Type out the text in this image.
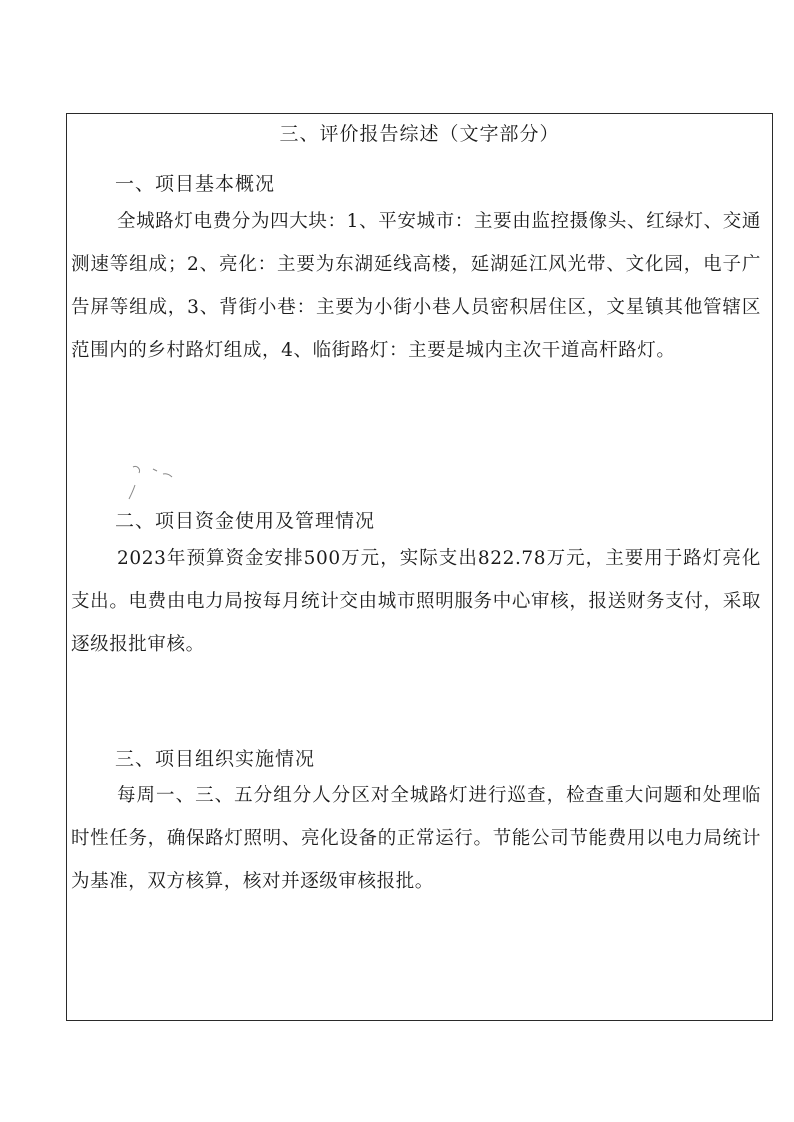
三、评价报告综述（文字部分）
一、项目基本概况

全城路灯电费分为四大块：1、平安城市：主要由监控摄像头、红绿灯、交通测速等组成；2、亮化：主要为东湖延线高楼，延湖延江风光带、文化园，电子广告屏等组成，3、背街小巷：主要为小街小巷人员密积居住区，文星镇其他管辖区范围内的乡村路灯组成，4、临街路灯：主要是城内主次干道高杆路灯。

二、项目资金使用及管理情况

2023年预算资金安排500万元，实际支出822.78万元，主要用于路灯亮化支出。电费由电力局按每月统计交由城市照明服务中心审核，报送财务支付，采取逐级报批审核。

三、项目组织实施情况

每周一、三、五分组分人分区对全城路灯进行巡查，检查重大问题和处理临时性任务，确保路灯照明、亮化设备的正常运行。节能公司节能费用以电力局统计为基准，双方核算，核对并逐级审核报批。
